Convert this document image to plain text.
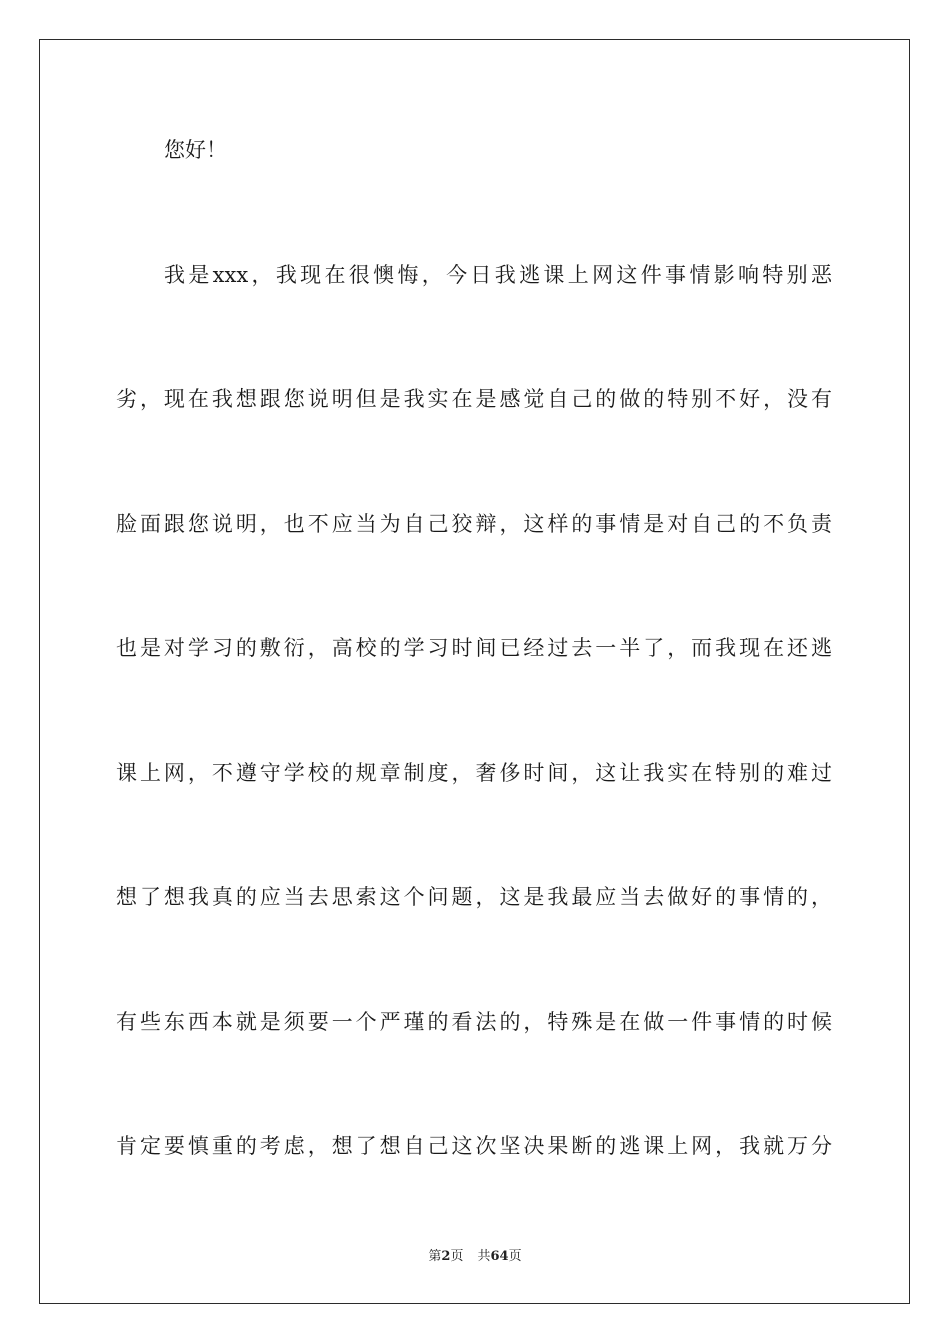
您好！
我是xxx，我现在很懊悔，今日我逃课上网这件事情影响特别恶
劣，现在我想跟您说明但是我实在是感觉自己的做的特别不好，没有
脸面跟您说明，也不应当为自己狡辩，这样的事情是对自己的不负责
也是对学习的敷衍，高校的学习时间已经过去一半了，而我现在还逃
课上网，不遵守学校的规章制度，奢侈时间，这让我实在特别的难过
想了想我真的应当去思索这个问题，这是我最应当去做好的事情的，
有些东西本就是须要一个严瑾的看法的，特殊是在做一件事情的时候
肯定要慎重的考虑，想了想自己这次坚决果断的逃课上网，我就万分
第2页 共64页
